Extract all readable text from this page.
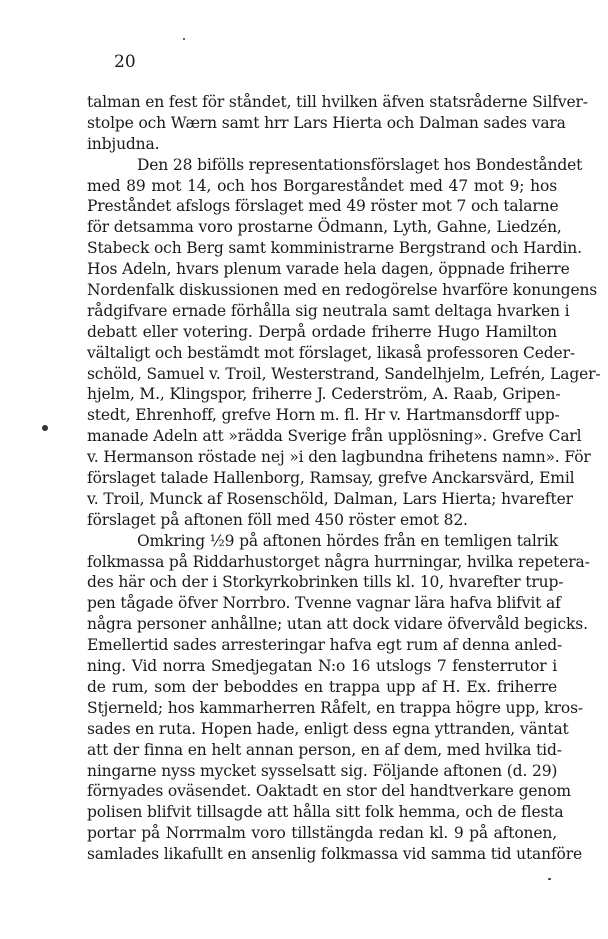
20
talman en fest för ståndet, till hvilken äfven statsråderne Silfver-
stolpe och Wærn samt hrr Lars Hierta och Dalman sades vara
inbjudna.
Den 28 bifölls representationsförslaget hos Bondeståndet
med 89 mot 14, och hos Borgareståndet med 47 mot 9; hos
Preståndet afslogs förslaget med 49 röster mot 7 och talarne
för detsamma voro prostarne Ödmann, Lyth, Gahne, Liedzén,
Stabeck och Berg samt komministrarne Bergstrand och Hardin.
Hos Adeln, hvars plenum varade hela dagen, öppnade friherre
Nordenfalk diskussionen med en redogörelse hvarföre konungens
rådgifvare ernade förhålla sig neutrala samt deltaga hvarken i
debatt eller votering. Derpå ordade friherre Hugo Hamilton
vältaligt och bestämdt mot förslaget, likaså professoren Ceder-
schöld, Samuel v. Troil, Westerstrand, Sandelhjelm, Lefrén, Lager-
hjelm, M., Klingspor, friherre J. Cederström, A. Raab, Gripen-
stedt, Ehrenhoff, grefve Horn m. fl. Hr v. Hartmansdorff upp-
manade Adeln att »rädda Sverige från upplösning». Grefve Carl
v. Hermanson röstade nej »i den lagbundna frihetens namn». För
förslaget talade Hallenborg, Ramsay, grefve Anckarsvärd, Emil
v. Troil, Munck af Rosenschöld, Dalman, Lars Hierta; hvarefter
förslaget på aftonen föll med 450 röster emot 82.
Omkring ½9 på aftonen hördes från en temligen talrik
folkmassa på Riddarhustorget några hurrningar, hvilka repetera-
des här och der i Storkyrkobrinken tills kl. 10, hvarefter trup-
pen tågade öfver Norrbro. Tvenne vagnar lära hafva blifvit af
några personer anhållne; utan att dock vidare öfvervåld begicks.
Emellertid sades arresteringar hafva egt rum af denna anled-
ning. Vid norra Smedjegatan N:o 16 utslogs 7 fensterrutor i
de rum, som der beboddes en trappa upp af H. Ex. friherre
Stjerneld; hos kammarherren Råfelt, en trappa högre upp, kros-
sades en ruta. Hopen hade, enligt dess egna yttranden, väntat
att der finna en helt annan person, en af dem, med hvilka tid-
ningarne nyss mycket sysselsatt sig. Följande aftonen (d. 29)
förnyades oväsendet. Oaktadt en stor del handtverkare genom
polisen blifvit tillsagde att hålla sitt folk hemma, och de flesta
portar på Norrmalm voro tillstängda redan kl. 9 på aftonen,
samlades likafullt en ansenlig folkmassa vid samma tid utanföre
